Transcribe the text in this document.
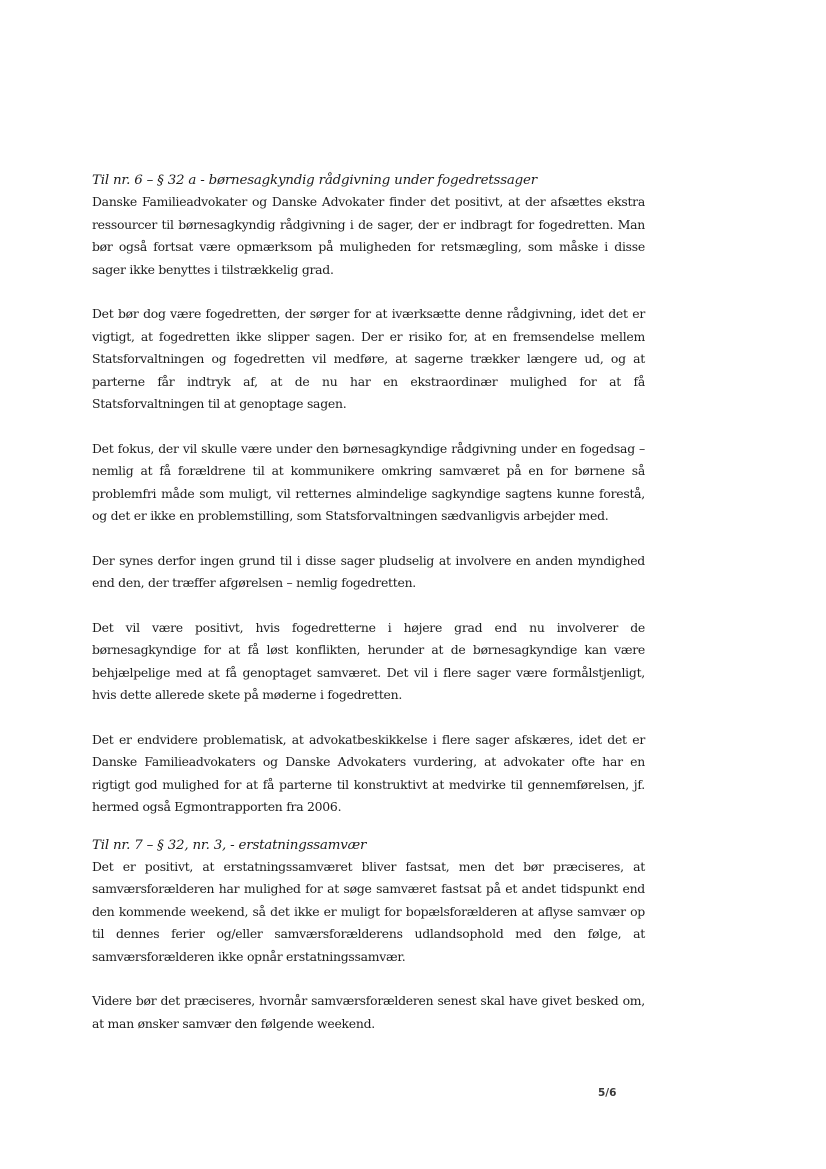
Til nr. 6 – § 32 a - børnesagkyndig rådgivning under fogedretssager

Danske Familieadvokater og Danske Advokater finder det positivt, at der afsættes ekstra ressourcer til børnesagkyndig rådgivning i de sager, der er indbragt for fogedretten. Man bør også fortsat være opmærksom på muligheden for retsmægling, som måske i disse sager ikke benyttes i tilstrækkelig grad.

Det bør dog være fogedretten, der sørger for at iværksætte denne rådgivning, idet det er vigtigt, at fogedretten ikke slipper sagen. Der er risiko for, at en fremsendelse mellem Statsforvaltningen og fogedretten vil medføre, at sagerne trækker længere ud, og at parterne får indtryk af, at de nu har en ekstraordinær mulighed for at få Statsforvaltningen til at genoptage sagen.

Det fokus, der vil skulle være under den børnesagkyndige rådgivning under en fogedsag – nemlig at få forældrene til at kommunikere omkring samværet på en for børnene så problemfri måde som muligt, vil retternes almindelige sagkyndige sagtens kunne forestå, og det er ikke en problemstilling, som Statsforvaltningen sædvanligvis arbejder med.

Der synes derfor ingen grund til i disse sager pludselig at involvere en anden myndighed end den, der træffer afgørelsen – nemlig fogedretten.

Det vil være positivt, hvis fogedretterne i højere grad end nu involverer de børnesagkyndige for at få løst konflikten, herunder at de børnesagkyndige kan være behjælpelige med at få genoptaget samværet. Det vil i flere sager være formålstjenligt, hvis dette allerede skete på møderne i fogedretten.

Det er endvidere problematisk, at advokatbeskikkelse i flere sager afskæres, idet det er Danske Familieadvokaters og Danske Advokaters vurdering, at advokater ofte har en rigtigt god mulighed for at få parterne til konstruktivt at medvirke til gennemførelsen, jf. hermed også Egmontrapporten fra 2006.

Til nr. 7 – § 32, nr. 3, - erstatningssamvær

Det er positivt, at erstatningssamværet bliver fastsat, men det bør præciseres, at samværsforælderen har mulighed for at søge samværet fastsat på et andet tidspunkt end den kommende weekend, så det ikke er muligt for bopælsforælderen at aflyse samvær op til dennes ferier og/eller samværsforælderens udlandsophold med den følge, at samværsforælderen ikke opnår erstatningssamvær.

Videre bør det præciseres, hvornår samværsforælderen senest skal have givet besked om, at man ønsker samvær den følgende weekend.

5/6
